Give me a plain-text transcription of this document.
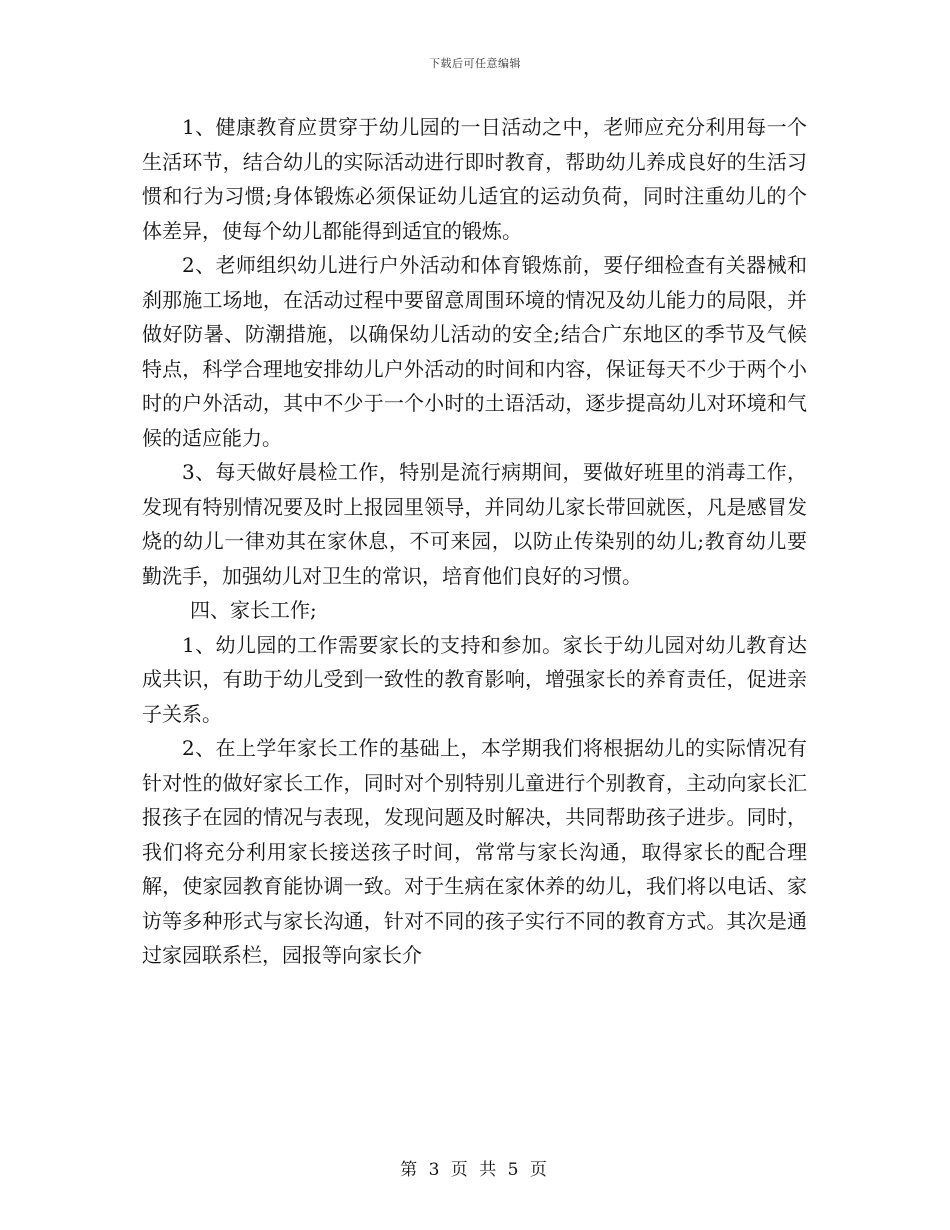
下载后可任意编辑

1、健康教育应贯穿于幼儿园的一日活动之中，老师应充分利用每一个生活环节，结合幼儿的实际活动进行即时教育，帮助幼儿养成良好的生活习惯和行为习惯;身体锻炼必须保证幼儿适宜的运动负荷，同时注重幼儿的个体差异，使每个幼儿都能得到适宜的锻炼。

2、老师组织幼儿进行户外活动和体育锻炼前，要仔细检查有关器械和刹那施工场地，在活动过程中要留意周围环境的情况及幼儿能力的局限，并做好防暑、防潮措施，以确保幼儿活动的安全;结合广东地区的季节及气候特点，科学合理地安排幼儿户外活动的时间和内容，保证每天不少于两个小时的户外活动，其中不少于一个小时的土语活动，逐步提高幼儿对环境和气候的适应能力。

3、每天做好晨检工作，特别是流行病期间，要做好班里的消毒工作，发现有特别情况要及时上报园里领导，并同幼儿家长带回就医，凡是感冒发烧的幼儿一律劝其在家休息，不可来园，以防止传染别的幼儿;教育幼儿要勤洗手，加强幼儿对卫生的常识，培育他们良好的习惯。

四、家长工作;

1、幼儿园的工作需要家长的支持和参加。家长于幼儿园对幼儿教育达成共识，有助于幼儿受到一致性的教育影响，增强家长的养育责任，促进亲子关系。

2、在上学年家长工作的基础上，本学期我们将根据幼儿的实际情况有针对性的做好家长工作，同时对个别特别儿童进行个别教育，主动向家长汇报孩子在园的情况与表现，发现问题及时解决，共同帮助孩子进步。同时，我们将充分利用家长接送孩子时间，常常与家长沟通，取得家长的配合理解，使家园教育能协调一致。对于生病在家休养的幼儿，我们将以电话、家访等多种形式与家长沟通，针对不同的孩子实行不同的教育方式。其次是通过家园联系栏，园报等向家长介

第 3 页 共 5 页
